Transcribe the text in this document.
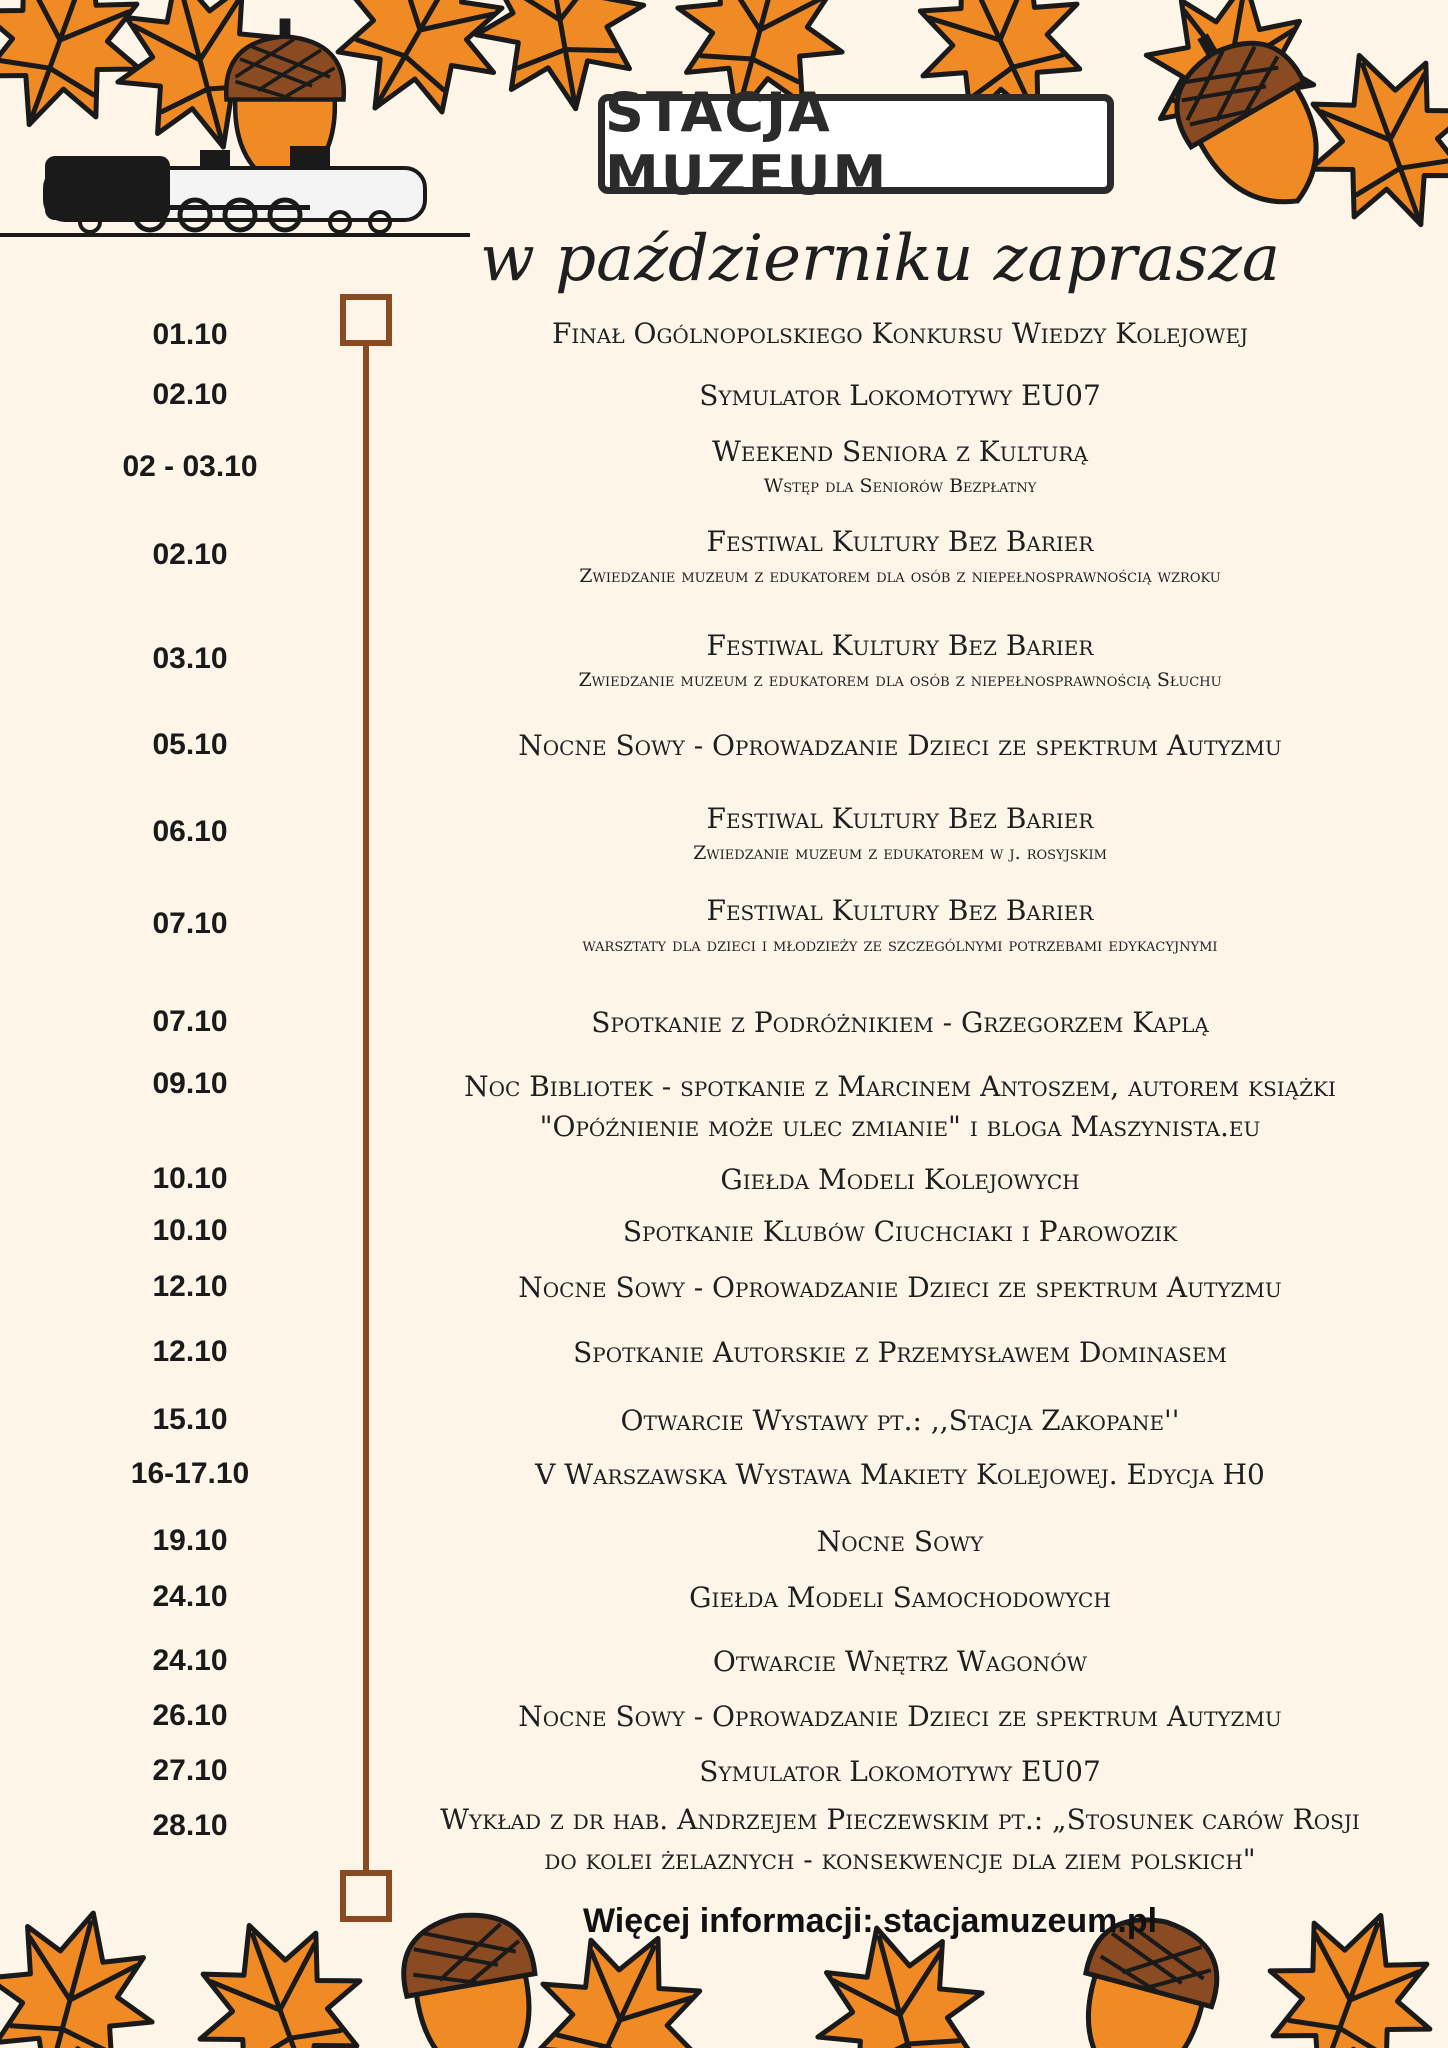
STACJA MUZEUM
w październiku zaprasza
01.10	Finał Ogólnopolskiego Konkursu Wiedzy Kolejowej
02.10	Symulator Lokomotywy EU07
02 - 03.10	Weekend Seniora z Kulturą
Wstęp dla Seniorów Bezpłatny
02.10	Festiwal Kultury Bez Barier
Zwiedzanie muzeum z edukatorem dla osób z niepełnosprawnością wzroku
03.10	Festiwal Kultury Bez Barier
Zwiedzanie muzeum z edukatorem dla osób z niepełnosprawnością Słuchu
05.10	Nocne Sowy - Oprowadzanie Dzieci ze spektrum Autyzmu
06.10	Festiwal Kultury Bez Barier
Zwiedzanie muzeum z edukatorem w j. rosyjskim
07.10	Festiwal Kultury Bez Barier
warsztaty dla dzieci i młodzieży ze szczególnymi potrzebami edykacyjnymi
07.10	Spotkanie z Podróżnikiem - Grzegorzem Kaplą
09.10	Noc Bibliotek - spotkanie z Marcinem Antoszem, autorem książki
"Opóźnienie może ulec zmianie" i bloga Maszynista.eu
10.10	Giełda Modeli Kolejowych
10.10	Spotkanie Klubów Ciuchciaki i Parowozik
12.10	Nocne Sowy - Oprowadzanie Dzieci ze spektrum Autyzmu
12.10	Spotkanie Autorskie z Przemysławem Dominasem
15.10	Otwarcie Wystawy pt.: ,,Stacja Zakopane''
16-17.10	V Warszawska Wystawa Makiety Kolejowej. Edycja H0
19.10	Nocne Sowy
24.10	Giełda Modeli Samochodowych
24.10	Otwarcie Wnętrz Wagonów
26.10	Nocne Sowy - Oprowadzanie Dzieci ze spektrum Autyzmu
27.10	Symulator Lokomotywy EU07
28.10	Wykład z dr hab. Andrzejem Pieczewskim pt.: „Stosunek carów Rosji
do kolei żelaznych - konsekwencje dla ziem polskich"
Więcej informacji: stacjamuzeum.pl
